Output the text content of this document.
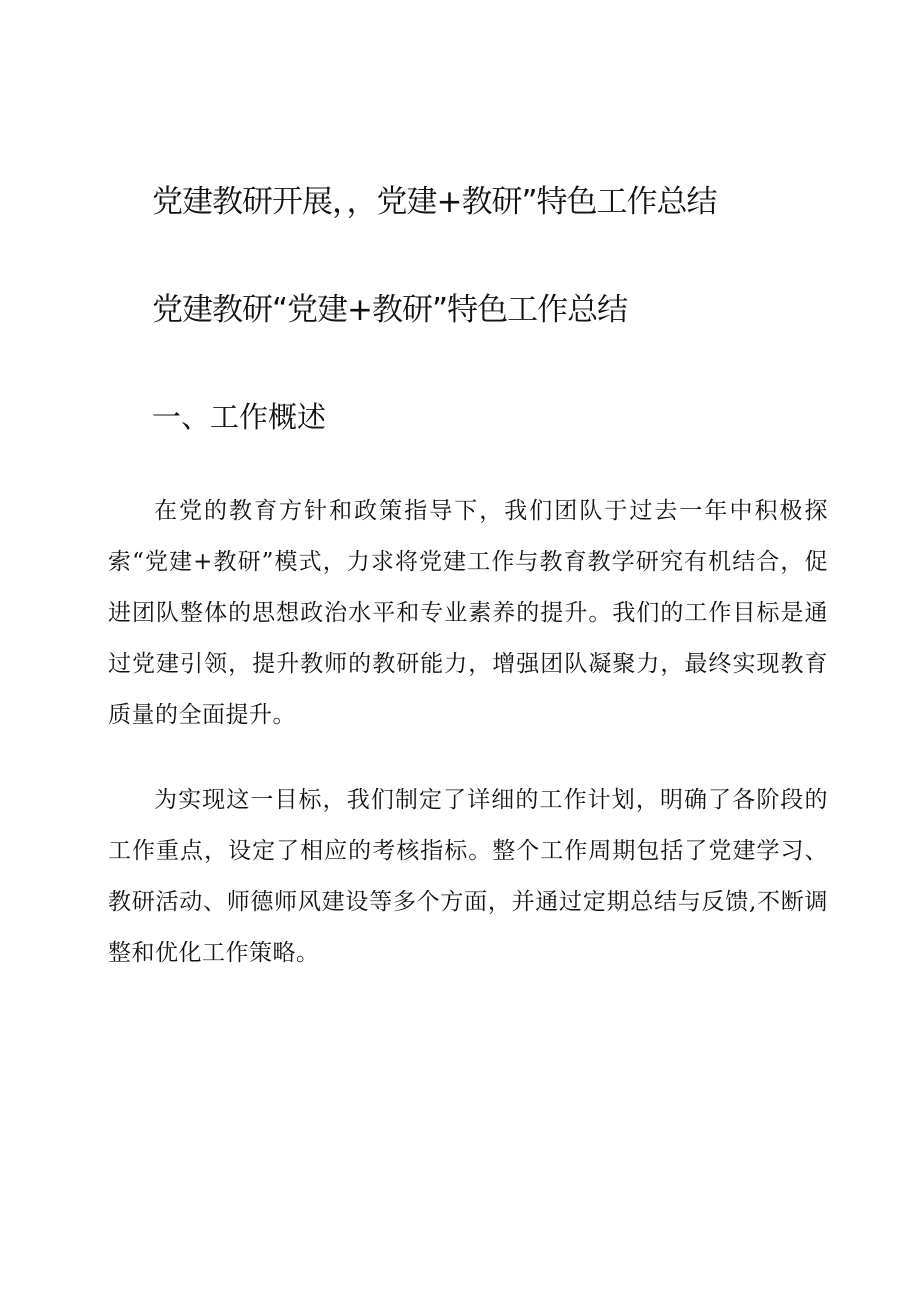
党建教研开展，，党建+教研”特色工作总结
党建教研“党建+教研”特色工作总结
一、工作概述

在党的教育方针和政策指导下，我们团队于过去一年中积极探索“党建+教研”模式，力求将党建工作与教育教学研究有机结合，促进团队整体的思想政治水平和专业素养的提升。我们的工作目标是通过党建引领，提升教师的教研能力，增强团队凝聚力，最终实现教育质量的全面提升。

为实现这一目标，我们制定了详细的工作计划，明确了各阶段的工作重点，设定了相应的考核指标。整个工作周期包括了党建学习、教研活动、师德师风建设等多个方面，并通过定期总结与反馈,不断调整和优化工作策略。
